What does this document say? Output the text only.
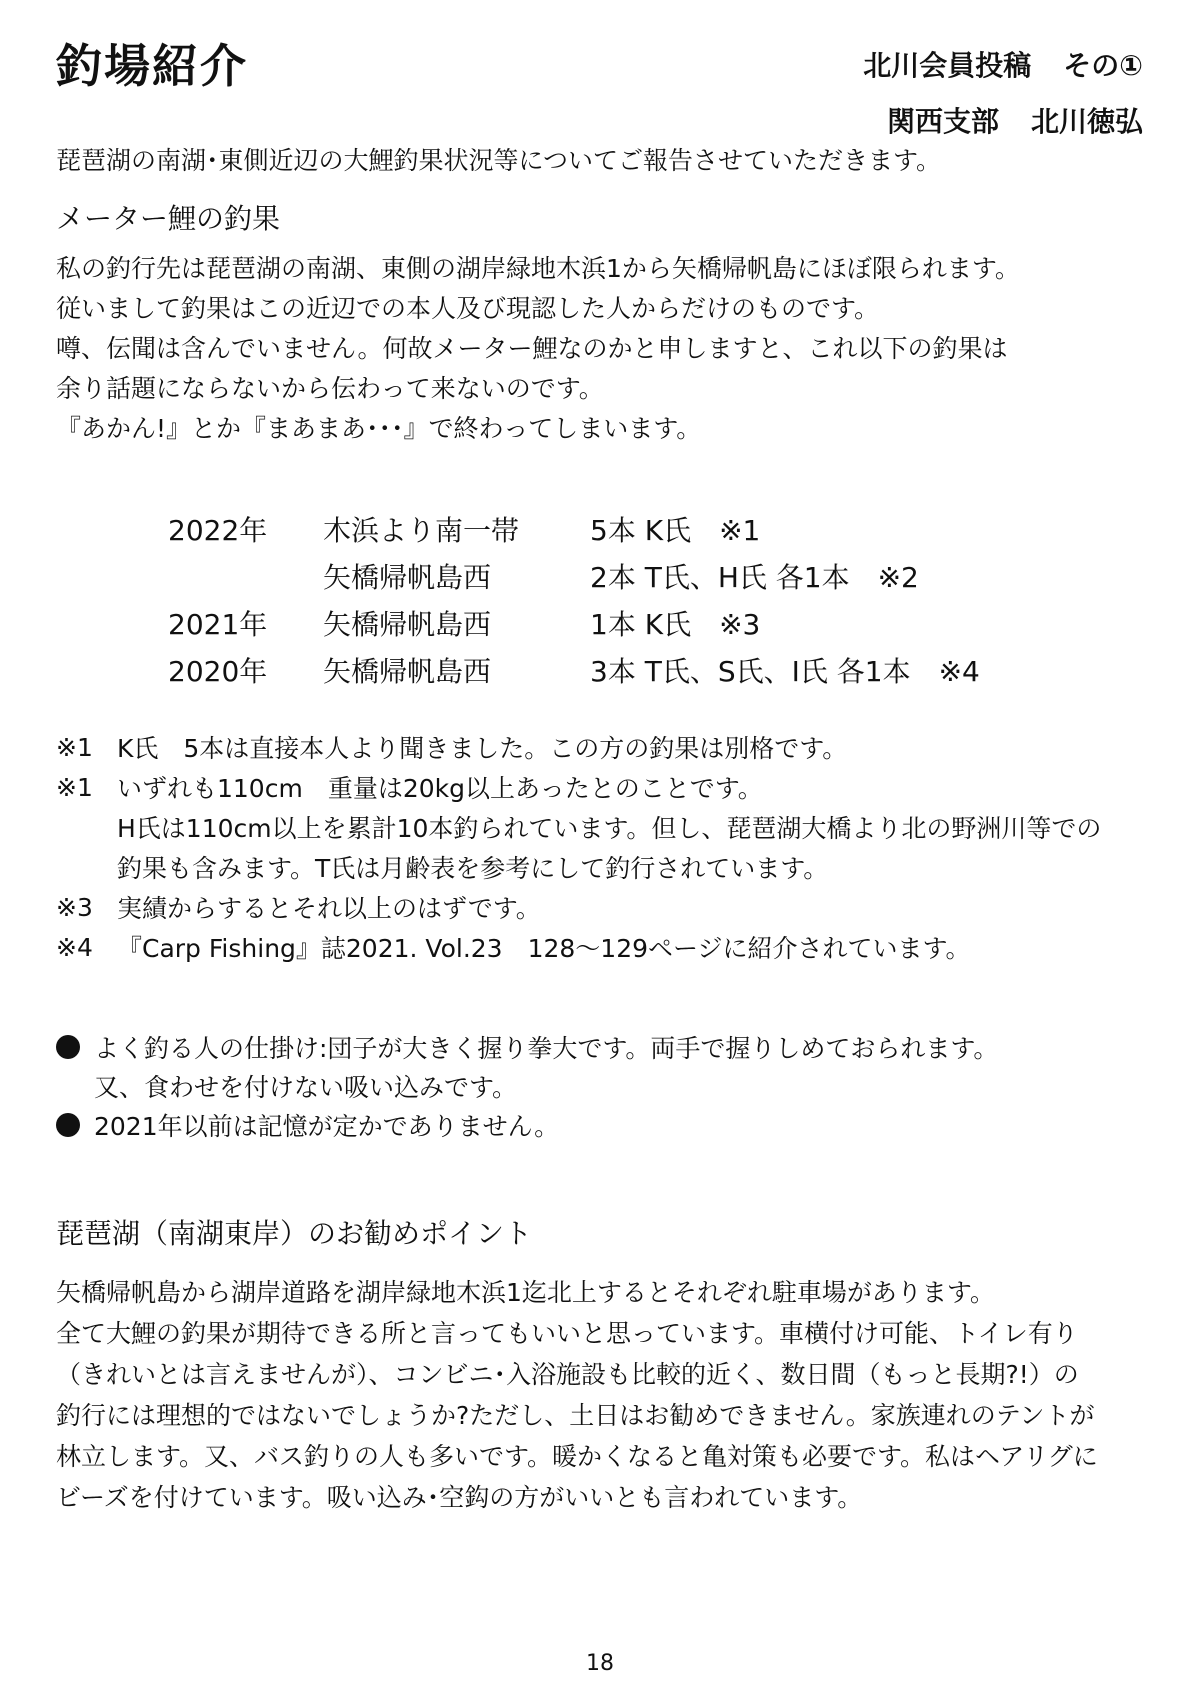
釣場紹介	北川会員投稿 その①
関西支部 北川徳弘
琵琶湖の南湖･東側近辺の大鯉釣果状況等についてご報告させていただきます。
メーター鯉の釣果
私の釣行先は琵琶湖の南湖、東側の湖岸緑地木浜1から矢橋帰帆島にほぼ限られます。
従いまして釣果はこの近辺での本人及び現認した人からだけのものです。
噂、伝聞は含んでいません。何故メーター鯉なのかと申しますと、これ以下の釣果は
余り話題にならないから伝わって来ないのです。
『あかん!』とか『まあまあ･･･』で終わってしまいます。
2022年	木浜より南一帯	5本 K氏　※1
	矢橋帰帆島西	2本 T氏、H氏 各1本　※2
2021年	矢橋帰帆島西	1本 K氏　※3
2020年	矢橋帰帆島西	3本 T氏、S氏、I氏 各1本　※4
※1 K氏　5本は直接本人より聞きました。この方の釣果は別格です。
※1 いずれも110cm　重量は20kg以上あったとのことです。
H氏は110cm以上を累計10本釣られています。但し、琵琶湖大橋より北の野洲川等での
釣果も含みます。T氏は月齢表を参考にして釣行されています。
※3 実績からするとそれ以上のはずです。
※4 『Carp Fishing』誌2021. Vol.23　128～129ページに紹介されています。
よく釣る人の仕掛け:団子が大きく握り拳大です。両手で握りしめておられます。
又、食わせを付けない吸い込みです。
2021年以前は記憶が定かでありません。
琵琶湖（南湖東岸）のお勧めポイント
矢橋帰帆島から湖岸道路を湖岸緑地木浜1迄北上するとそれぞれ駐車場があります。
全て大鯉の釣果が期待できる所と言ってもいいと思っています。車横付け可能、トイレ有り
（きれいとは言えませんが）、コンビニ･入浴施設も比較的近く、数日間（もっと長期?!）の
釣行には理想的ではないでしょうか?ただし、土日はお勧めできません。家族連れのテントが
林立します。又、バス釣りの人も多いです。暖かくなると亀対策も必要です。私はヘアリグに
ビーズを付けています。吸い込み･空鈎の方がいいとも言われています。
18
